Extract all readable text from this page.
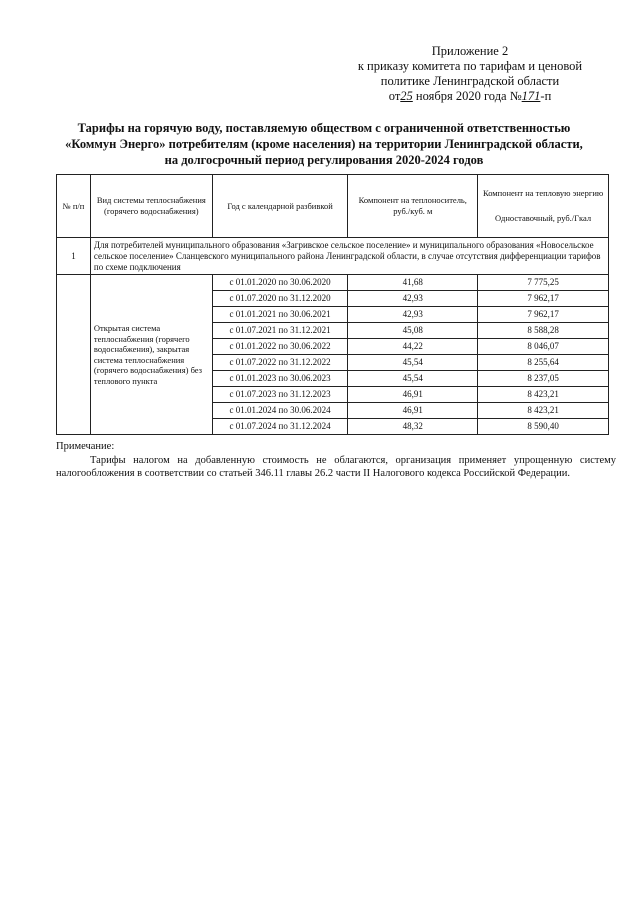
Приложение 2
к приказу комитета по тарифам и ценовой
политике Ленинградской области
от25 ноября 2020 года №171-п
Тарифы на горячую воду, поставляемую обществом с ограниченной ответственностью
«Коммун Энерго» потребителям (кроме населения) на территории Ленинградской области,
на долгосрочный период регулирования 2020-2024 годов
№ п/п	Вид системы теплоснабжения (горячего водоснабжения)	Год с календарной разбивкой	Компонент на теплоноситель, руб./куб. м	Компонент на тепловую энергию
Одноставочный, руб./Гкал

1	Для потребителей муниципального образования «Загривское сельское поселение» и муниципального образования «Новосельское сельское поселение» Сланцевского муниципального района Ленинградской области, в случае отсутствия дифференциации тарифов по схеме подключения			
	Открытая система теплоснабжения (горячего водоснабжения), закрытая система теплоснабжения (горячего водоснабжения) без теплового пункта	с 01.01.2020 по 30.06.2020	41,68	7 775,25
		с 01.07.2020 по 31.12.2020	42,93	7 962,17
		с 01.01.2021 по 30.06.2021	42,93	7 962,17
		с 01.07.2021 по 31.12.2021	45,08	8 588,28
		с 01.01.2022 по 30.06.2022	44,22	8 046,07
		с 01.07.2022 по 31.12.2022	45,54	8 255,64
		с 01.01.2023 по 30.06.2023	45,54	8 237,05
		с 01.07.2023 по 31.12.2023	46,91	8 423,21
		с 01.01.2024 по 30.06.2024	46,91	8 423,21
		с 01.07.2024 по 31.12.2024	48,32	8 590,40
Примечание:
Тарифы налогом на добавленную стоимость не облагаются, организация применяет упрощенную систему налогообложения в соответствии со статьей 346.11 главы 26.2 части II Налогового кодекса Российской Федерации.
